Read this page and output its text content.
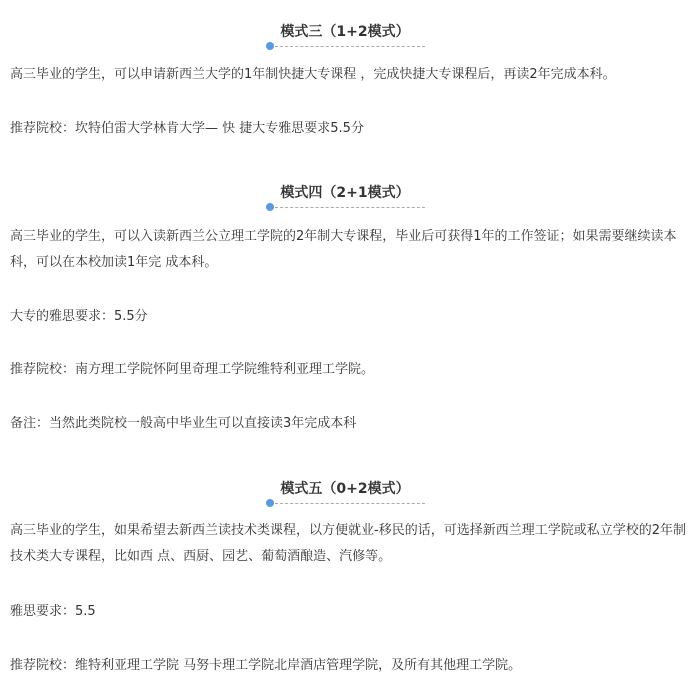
模式三（1+2模式）

高三毕业的学生，可以申请新西兰大学的1年制快捷大专课程 ，完成快捷大专课程后，再读2年完成本科。

推荐院校：坎特伯雷大学林肯大学— 快 捷大专雅思要求5.5分

模式四（2+1模式）

高三毕业的学生，可以入读新西兰公立理工学院的2年制大专课程，毕业后可获得1年的工作签证；如果需要继续读本科，可以在本校加读1年完 成本科。

大专的雅思要求：5.5分

推荐院校：南方理工学院怀阿里奇理工学院维特利亚理工学院。

备注：当然此类院校一般高中毕业生可以直接读3年完成本科

模式五（0+2模式）

高三毕业的学生，如果希望去新西兰读技术类课程，以方便就业-移民的话，可选择新西兰理工学院或私立学校的2年制技术类大专课程，比如西 点、西厨、园艺、葡萄酒酿造、汽修等。

雅思要求：5.5

推荐院校：维特利亚理工学院 马努卡理工学院北岸酒店管理学院，及所有其他理工学院。
